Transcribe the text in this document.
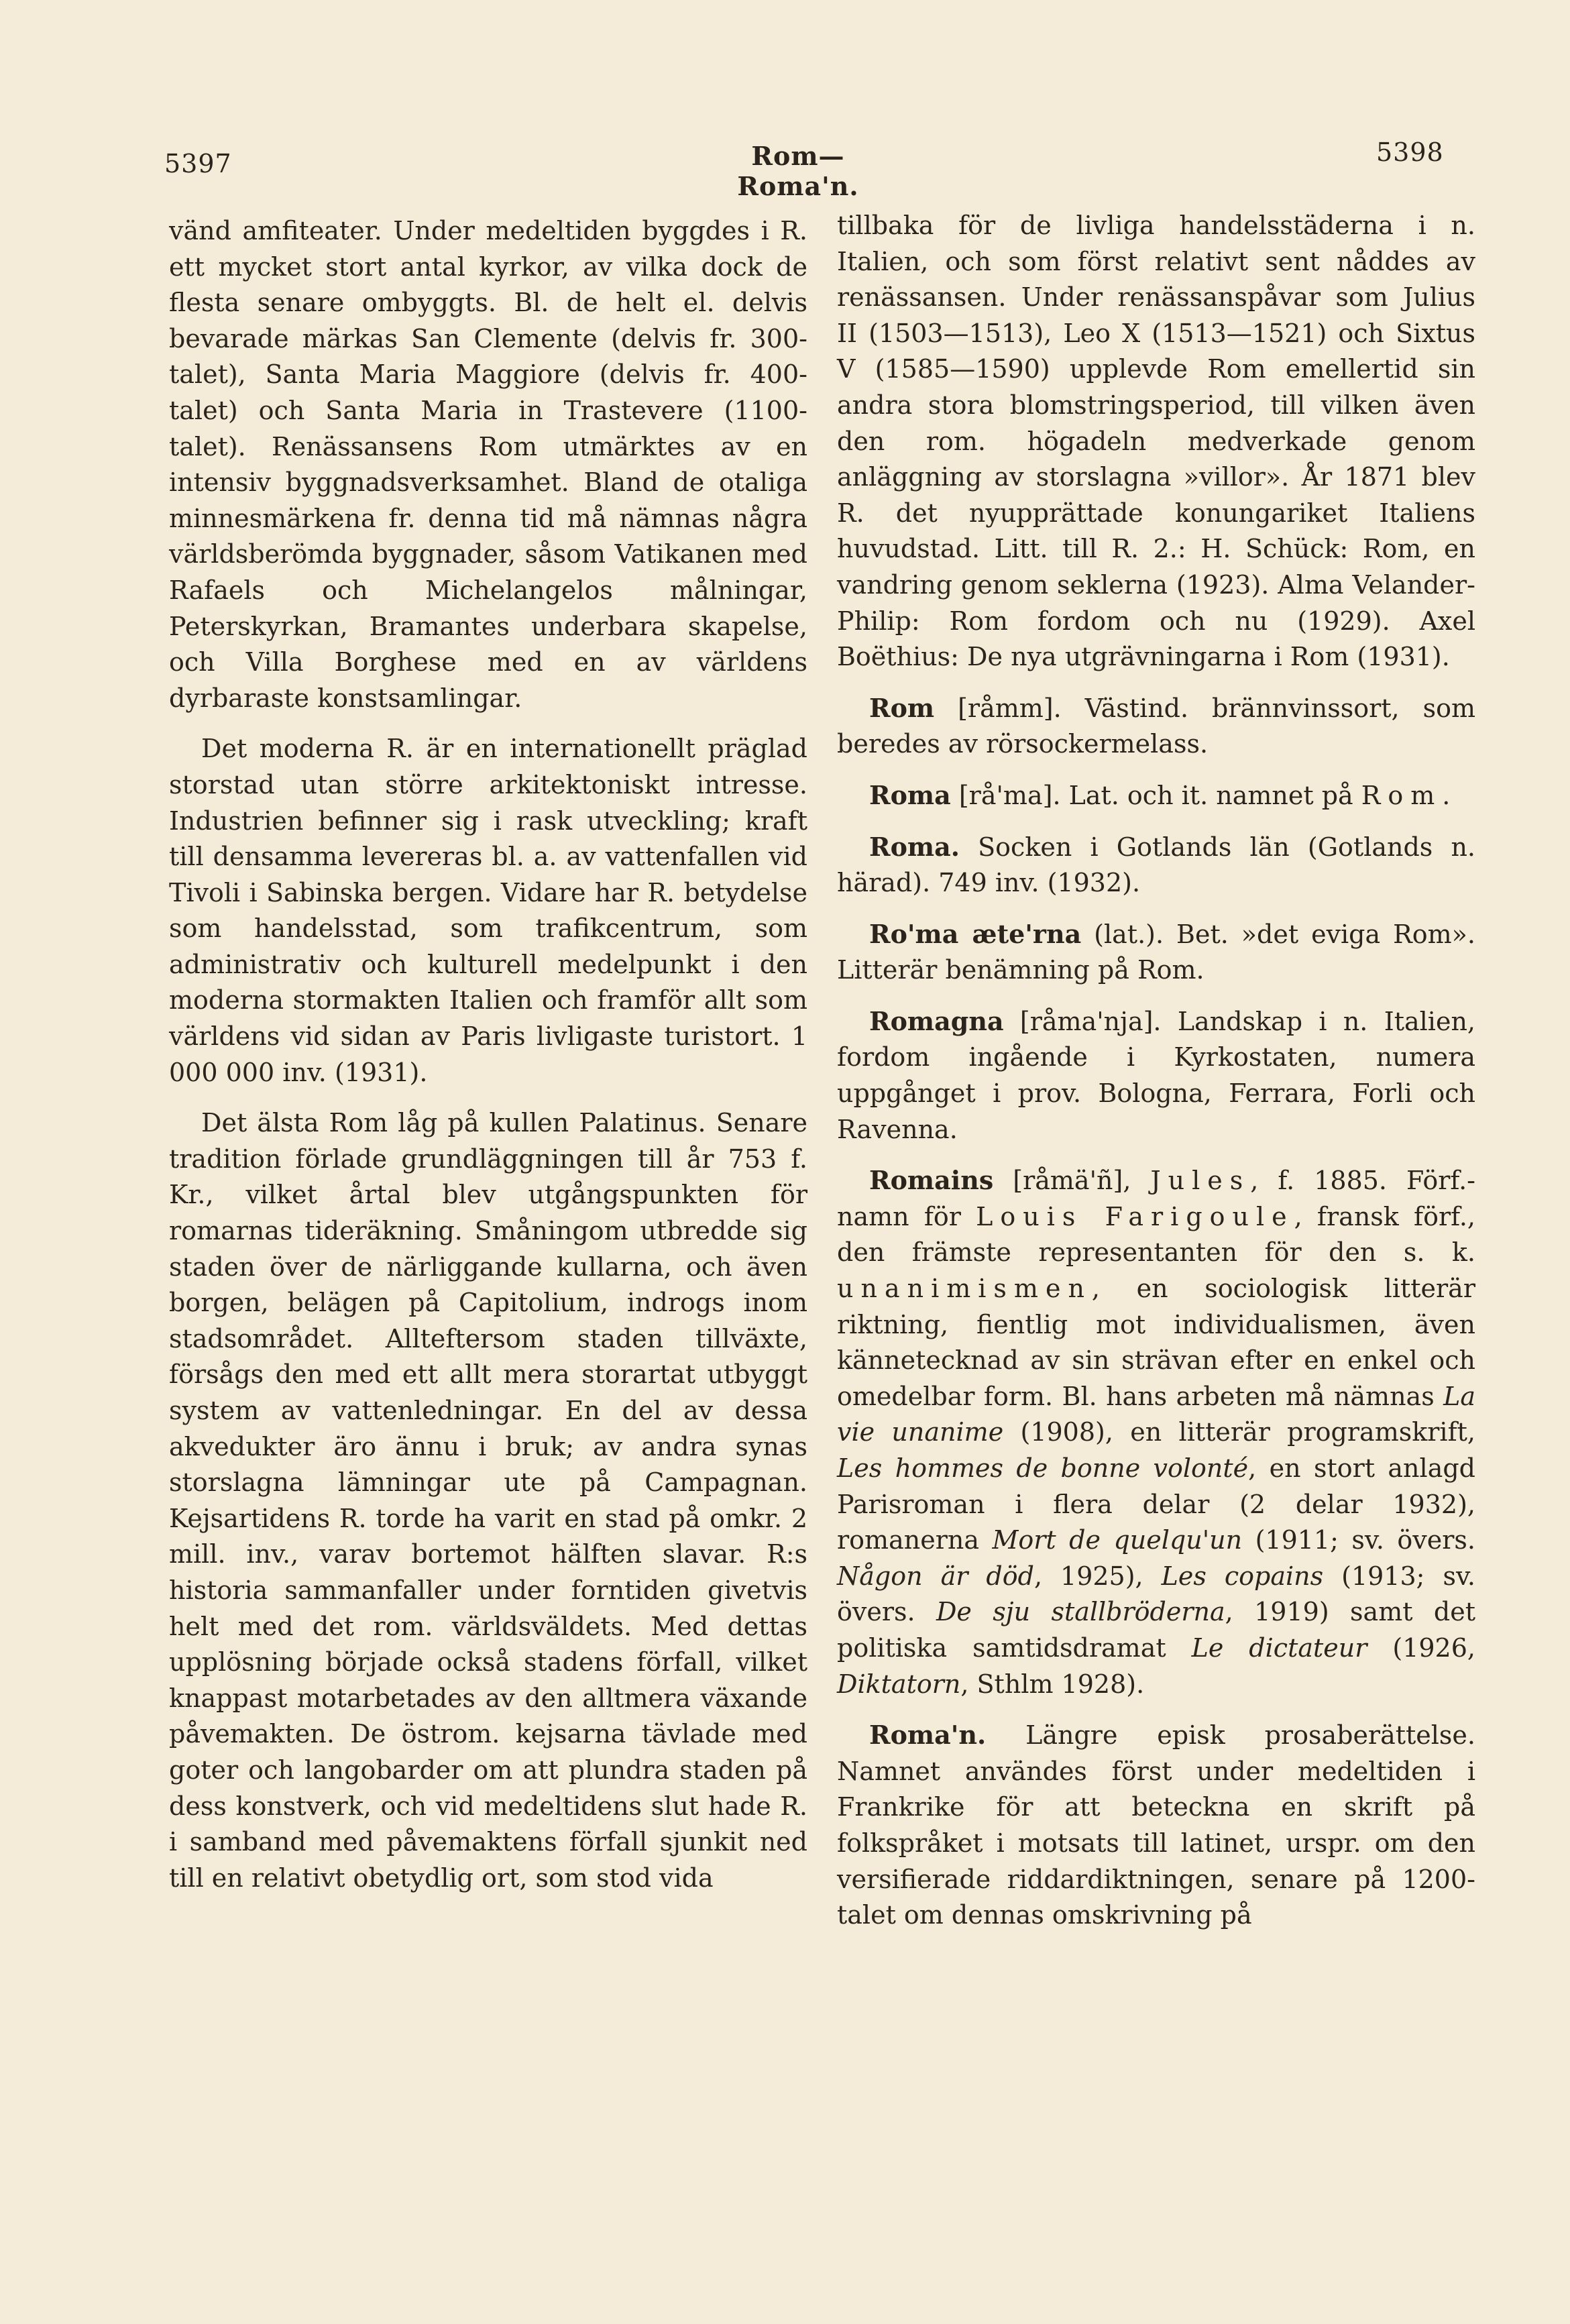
5397	Rom—Roma'n.
5398

vänd amfiteater. Under medeltiden byggdes i R. ett mycket stort antal kyrkor, av vilka dock de flesta senare ombyggts. Bl. de helt el. delvis bevarade märkas San Clemente (delvis fr. 300-talet), Santa Maria Maggiore (delvis fr. 400-talet) och Santa Maria in Trastevere (1100-talet). Renässansens Rom utmärktes av en intensiv byggnadsverksamhet. Bland de otaliga minnesmärkena fr. denna tid må nämnas några världsberömda byggnader, såsom Vatikanen med Rafaels och Michelangelos målningar, Peterskyrkan, Bramantes underbara skapelse, och Villa Borghese med en av världens dyrbaraste konstsamlingar.

Det moderna R. är en internationellt präglad storstad utan större arkitektoniskt intresse. Industrien befinner sig i rask utveckling; kraft till densamma levereras bl. a. av vattenfallen vid Tivoli i Sabinska bergen. Vidare har R. betydelse som handelsstad, som trafikcentrum, som administrativ och kulturell medelpunkt i den moderna stormakten Italien och framför allt som världens vid sidan av Paris livligaste turistort. 1 000 000 inv. (1931).

Det älsta Rom låg på kullen Palatinus. Senare tradition förlade grundläggningen till år 753 f. Kr., vilket årtal blev utgångspunkten för romarnas tideräkning. Småningom utbredde sig staden över de närliggande kullarna, och även borgen, belägen på Capitolium, indrogs inom stadsområdet. Allteftersom staden tillväxte, försågs den med ett allt mera storartat utbyggt system av vattenledningar. En del av dessa akvedukter äro ännu i bruk; av andra synas storslagna lämningar ute på Campagnan. Kejsartidens R. torde ha varit en stad på omkr. 2 mill. inv., varav bortemot hälften slavar. R:s historia sammanfaller under forntiden givetvis helt med det rom. världsväldets. Med dettas upplösning började också stadens förfall, vilket knappast motarbetades av den alltmera växande påvemakten. De östrom. kejsarna tävlade med goter och langobarder om att plundra staden på dess konstverk, och vid medeltidens slut hade R. i samband med påvemaktens förfall sjunkit ned till en relativt obetydlig ort, som stod vida

tillbaka för de livliga handelsstäderna i n. Italien, och som först relativt sent nåddes av renässansen. Under renässanspåvar som Julius II (1503—1513), Leo X (1513—1521) och Sixtus V (1585—1590) upplevde Rom emellertid sin andra stora blomstringsperiod, till vilken även den rom. högadeln medverkade genom anläggning av storslagna »villor». År 1871 blev R. det nyupprättade konungariket Italiens huvudstad. Litt. till R. 2.: H. Schück: Rom, en vandring genom seklerna (1923). Alma Velander-Philip: Rom fordom och nu (1929). Axel Boëthius: De nya utgrävningarna i Rom (1931).

Rom [råmm]. Västind. brännvinssort, som beredes av rörsockermelass.

Roma [rå'ma]. Lat. och it. namnet på Rom.

Roma. Socken i Gotlands län (Gotlands n. härad). 749 inv. (1932).

Ro'ma æte'rna (lat.). Bet. »det eviga Rom». Litterär benämning på Rom.

Romagna [råma'nja]. Landskap i n. Italien, fordom ingående i Kyrkostaten, numera uppgånget i prov. Bologna, Ferrara, Forli och Ravenna.

Romains [råmä'ñ], Jules, f. 1885. Förf.-namn för Louis Farigoule, fransk förf., den främste representanten för den s. k. unanimismen, en sociologisk litterär riktning, fientlig mot individualismen, även kännetecknad av sin strävan efter en enkel och omedelbar form. Bl. hans arbeten må nämnas La vie unanime (1908), en litterär programskrift, Les hommes de bonne volonté, en stort anlagd Parisroman i flera delar (2 delar 1932), romanerna Mort de quelqu'un (1911; sv. övers. Någon är död, 1925), Les copains (1913; sv. övers. De sju stallbröderna, 1919) samt det politiska samtidsdramat Le dictateur (1926, Diktatorn, Sthlm 1928).

Roma'n. Längre episk prosaberättelse. Namnet användes först under medeltiden i Frankrike för att beteckna en skrift på folkspråket i motsats till latinet, urspr. om den versifierade riddardiktningen, senare på 1200-talet om dennas omskrivning på
